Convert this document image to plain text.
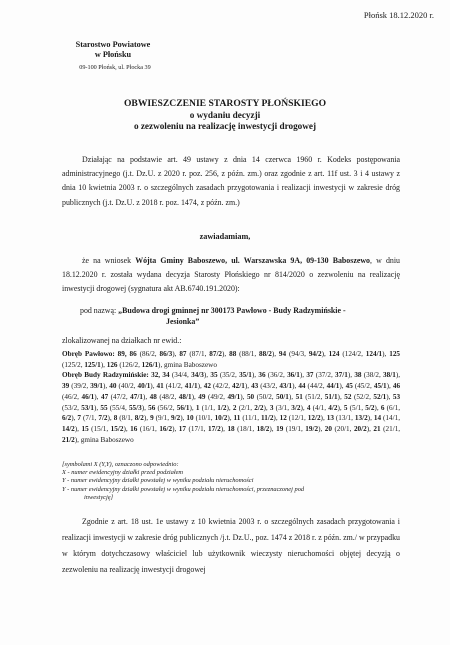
Płońsk 18.12.2020 r.
Starostwo Powiatowe
w Płońsku
09-100 Płońsk, ul. Płocka 39
OBWIESZCZENIE STAROSTY PŁOŃSKIEGO
o wydaniu decyzji
o zezwoleniu na realizację inwestycji drogowej
Działając na podstawie art. 49 ustawy z dnia 14 czerwca 1960 r. Kodeks postępowania administracyjnego (j.t. Dz.U. z 2020 r. poz. 256, z późn. zm.) oraz zgodnie z art. 11f ust. 3 i 4 ustawy z dnia 10 kwietnia 2003 r. o szczególnych zasadach przygotowania i realizacji inwestycji w zakresie dróg publicznych (j.t. Dz.U. z 2018 r. poz. 1474, z późn. zm.)
zawiadamiam,
że na wniosek Wójta Gminy Baboszewo, ul. Warszawska 9A, 09-130 Baboszewo, w dniu 18.12.2020 r. została wydana decyzja Starosty Płońskiego nr 814/2020 o zezwoleniu na realizację inwestycji drogowej (sygnatura akt AB.6740.191.2020):
pod nazwą: „Budowa drogi gminnej nr 300173 Pawłowo - Budy Radzymińskie -
Jesionka”
zlokalizowanej na działkach nr ewid.:
Obręb Pawłowo: 89, 86 (86/2, 86/3), 87 (87/1, 87/2), 88 (88/1, 88/2), 94 (94/3, 94/2), 124 (124/2, 124/1), 125 (125/2, 125/1), 126 (126/2, 126/1), gmina Baboszewo
Obręb Budy Radzymińskie: 32, 34 (34/4, 34/3), 35 (35/2, 35/1), 36 (36/2, 36/1), 37 (37/2, 37/1), 38 (38/2, 38/1), 39 (39/2, 39/1), 40 (40/2, 40/1), 41 (41/2, 41/1), 42 (42/2, 42/1), 43 (43/2, 43/1), 44 (44/2, 44/1), 45 (45/2, 45/1), 46 (46/2, 46/1), 47 (47/2, 47/1), 48 (48/2, 48/1), 49 (49/2, 49/1), 50 (50/2, 50/1), 51 (51/2, 51/1), 52 (52/2, 52/1), 53 (53/2, 53/1), 55 (55/4, 55/3), 56 (56/2, 56/1), 1 (1/1, 1/2), 2 (2/1, 2/2), 3 (3/1, 3/2), 4 (4/1, 4/2), 5 (5/1, 5/2), 6 (6/1, 6/2), 7 (7/1, 7/2), 8 (8/1, 8/2), 9 (9/1, 9/2), 10 (10/1, 10/2), 11 (11/1, 11/2), 12 (12/1, 12/2), 13 (13/1, 13/2), 14 (14/1, 14/2), 15 (15/1, 15/2), 16 (16/1, 16/2), 17 (17/1, 17/2), 18 (18/1, 18/2), 19 (19/1, 19/2), 20 (20/1, 20/2), 21 (21/1, 21/2), gmina Baboszewo
[symbolami X (Y,Y), oznaczono odpowiednio:
X - numer ewidencyjny działki przed podziałem
Y - numer ewidencyjny działki powstałej w wyniku podziału nieruchomości
Y - numer ewidencyjny działki powstałej w wyniku podziału nieruchomości, przeznaczonej pod
inwestycję]
Zgodnie z art. 18 ust. 1e ustawy z 10 kwietnia 2003 r. o szczególnych zasadach przygotowania i realizacji inwestycji w zakresie dróg publicznych /j.t. Dz.U., poz. 1474 z 2018 r. z późn. zm./ w przypadku w którym dotychczasowy właściciel lub użytkownik wieczysty nieruchomości objętej decyzją o zezwoleniu na realizację inwestycji drogowej
